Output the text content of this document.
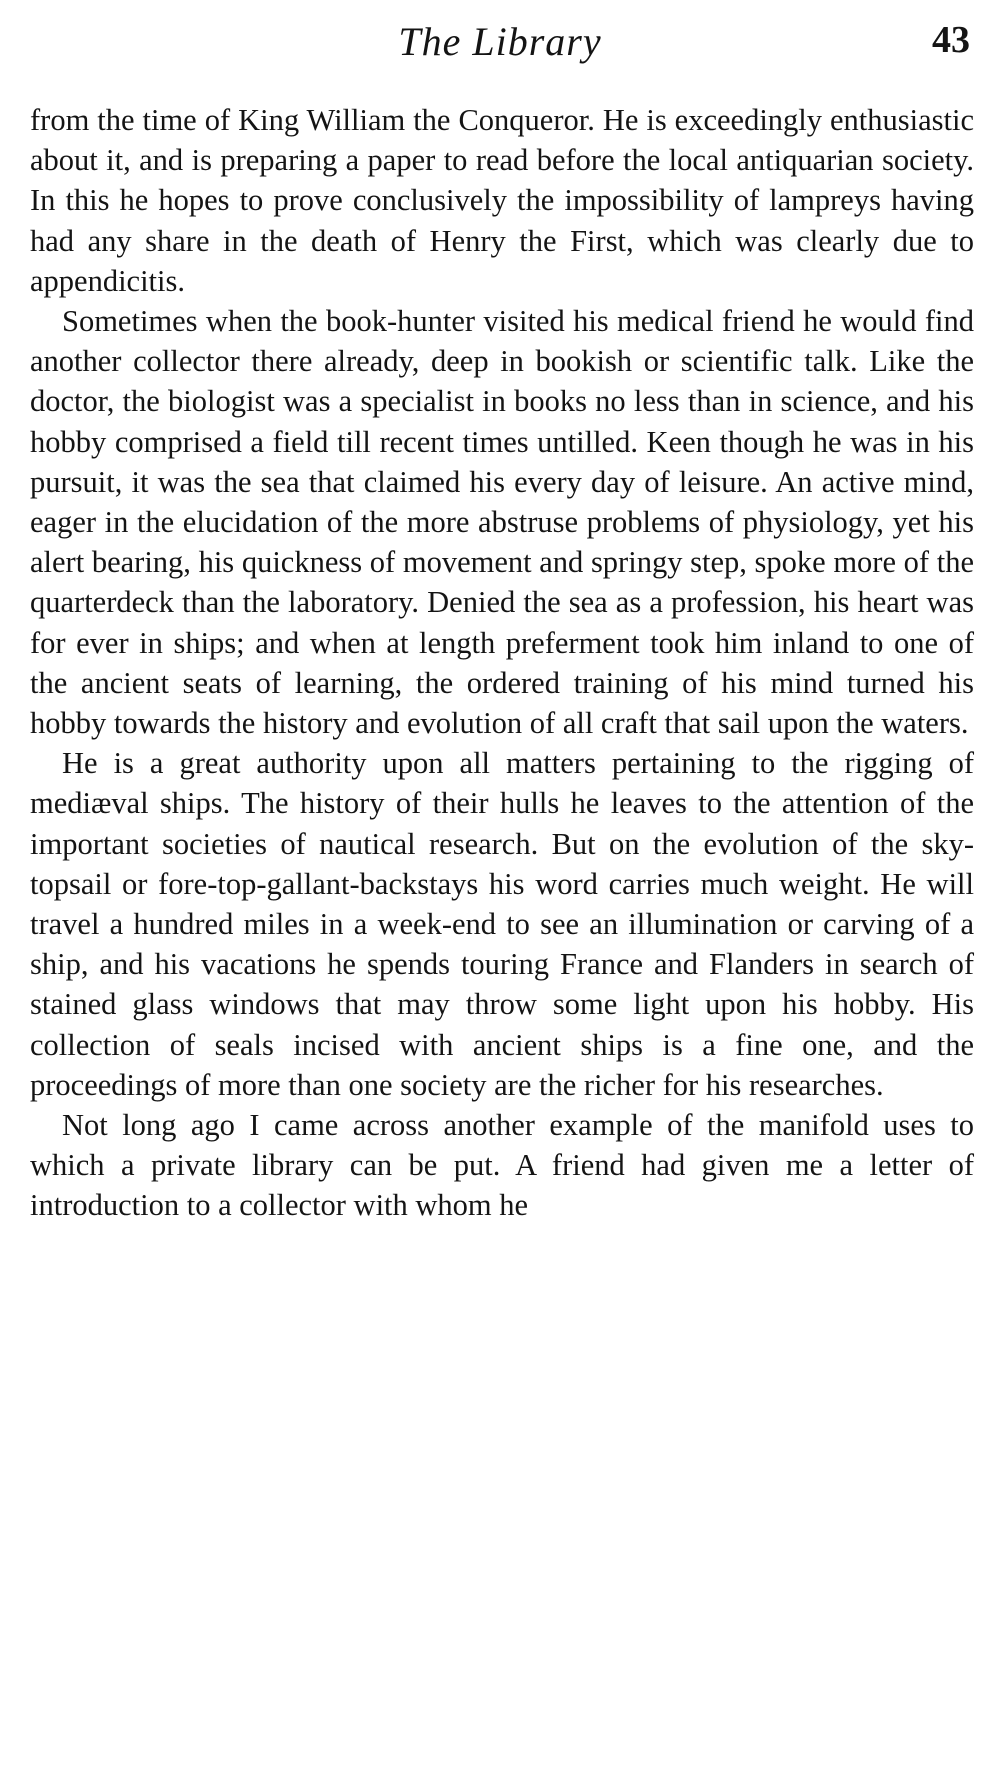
The Library	43

from the time of King William the Conqueror. He is exceedingly enthusiastic about it, and is preparing a paper to read before the local antiquarian society. In this he hopes to prove conclusively the impossibility of lampreys having had any share in the death of Henry the First, which was clearly due to appendicitis.

Sometimes when the book-hunter visited his medical friend he would find another collector there already, deep in bookish or scientific talk. Like the doctor, the biologist was a specialist in books no less than in science, and his hobby comprised a field till recent times untilled. Keen though he was in his pursuit, it was the sea that claimed his every day of leisure. An active mind, eager in the elucidation of the more abstruse problems of physiology, yet his alert bearing, his quickness of movement and springy step, spoke more of the quarterdeck than the laboratory. Denied the sea as a profession, his heart was for ever in ships; and when at length preferment took him inland to one of the ancient seats of learning, the ordered training of his mind turned his hobby towards the history and evolution of all craft that sail upon the waters.

He is a great authority upon all matters pertaining to the rigging of mediæval ships. The history of their hulls he leaves to the attention of the important societies of nautical research. But on the evolution of the sky-topsail or fore-top-gallant-backstays his word carries much weight. He will travel a hundred miles in a week-end to see an illumination or carving of a ship, and his vacations he spends touring France and Flanders in search of stained glass windows that may throw some light upon his hobby. His collection of seals incised with ancient ships is a fine one, and the proceedings of more than one society are the richer for his researches.

Not long ago I came across another example of the manifold uses to which a private library can be put. A friend had given me a letter of introduction to a collector with whom he
